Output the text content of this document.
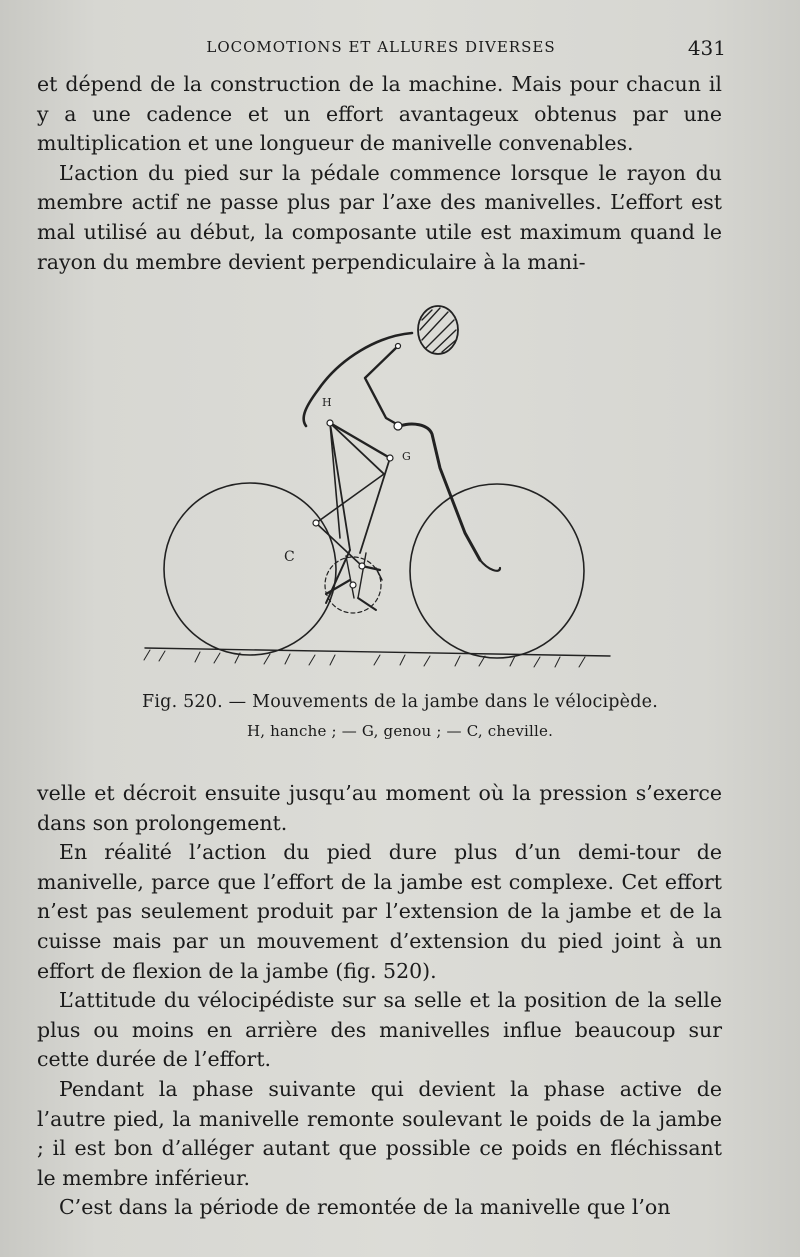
LOCOMOTIONS ET ALLURES DIVERSES	431

et dépend de la construction de la machine. Mais pour chacun il y a une cadence et un effort avantageux obtenus par une multiplication et une longueur de manivelle convenables.

L’action du pied sur la pédale commence lorsque le rayon du membre actif ne passe plus par l’axe des manivelles. L’effort est mal utilisé au début, la composante utile est maximum quand le rayon du membre devient perpendiculaire à la mani-

H
G
C
Fig. 520. — Mouvements de la jambe dans le vélocipède.
H, hanche ; — G, genou ; — C, cheville.

velle et décroit ensuite jusqu’au moment où la pression s’exerce dans son prolongement.

En réalité l’action du pied dure plus d’un demi-tour de manivelle, parce que l’effort de la jambe est complexe. Cet effort n’est pas seulement produit par l’extension de la jambe et de la cuisse mais par un mouvement d’extension du pied joint à un effort de flexion de la jambe (fig. 520).

L’attitude du vélocipédiste sur sa selle et la position de la selle plus ou moins en arrière des manivelles influe beaucoup sur cette durée de l’effort.

Pendant la phase suivante qui devient la phase active de l’autre pied, la manivelle remonte soulevant le poids de la jambe ; il est bon d’alléger autant que possible ce poids en fléchissant le membre inférieur.

C’est dans la période de remontée de la manivelle que l’on
